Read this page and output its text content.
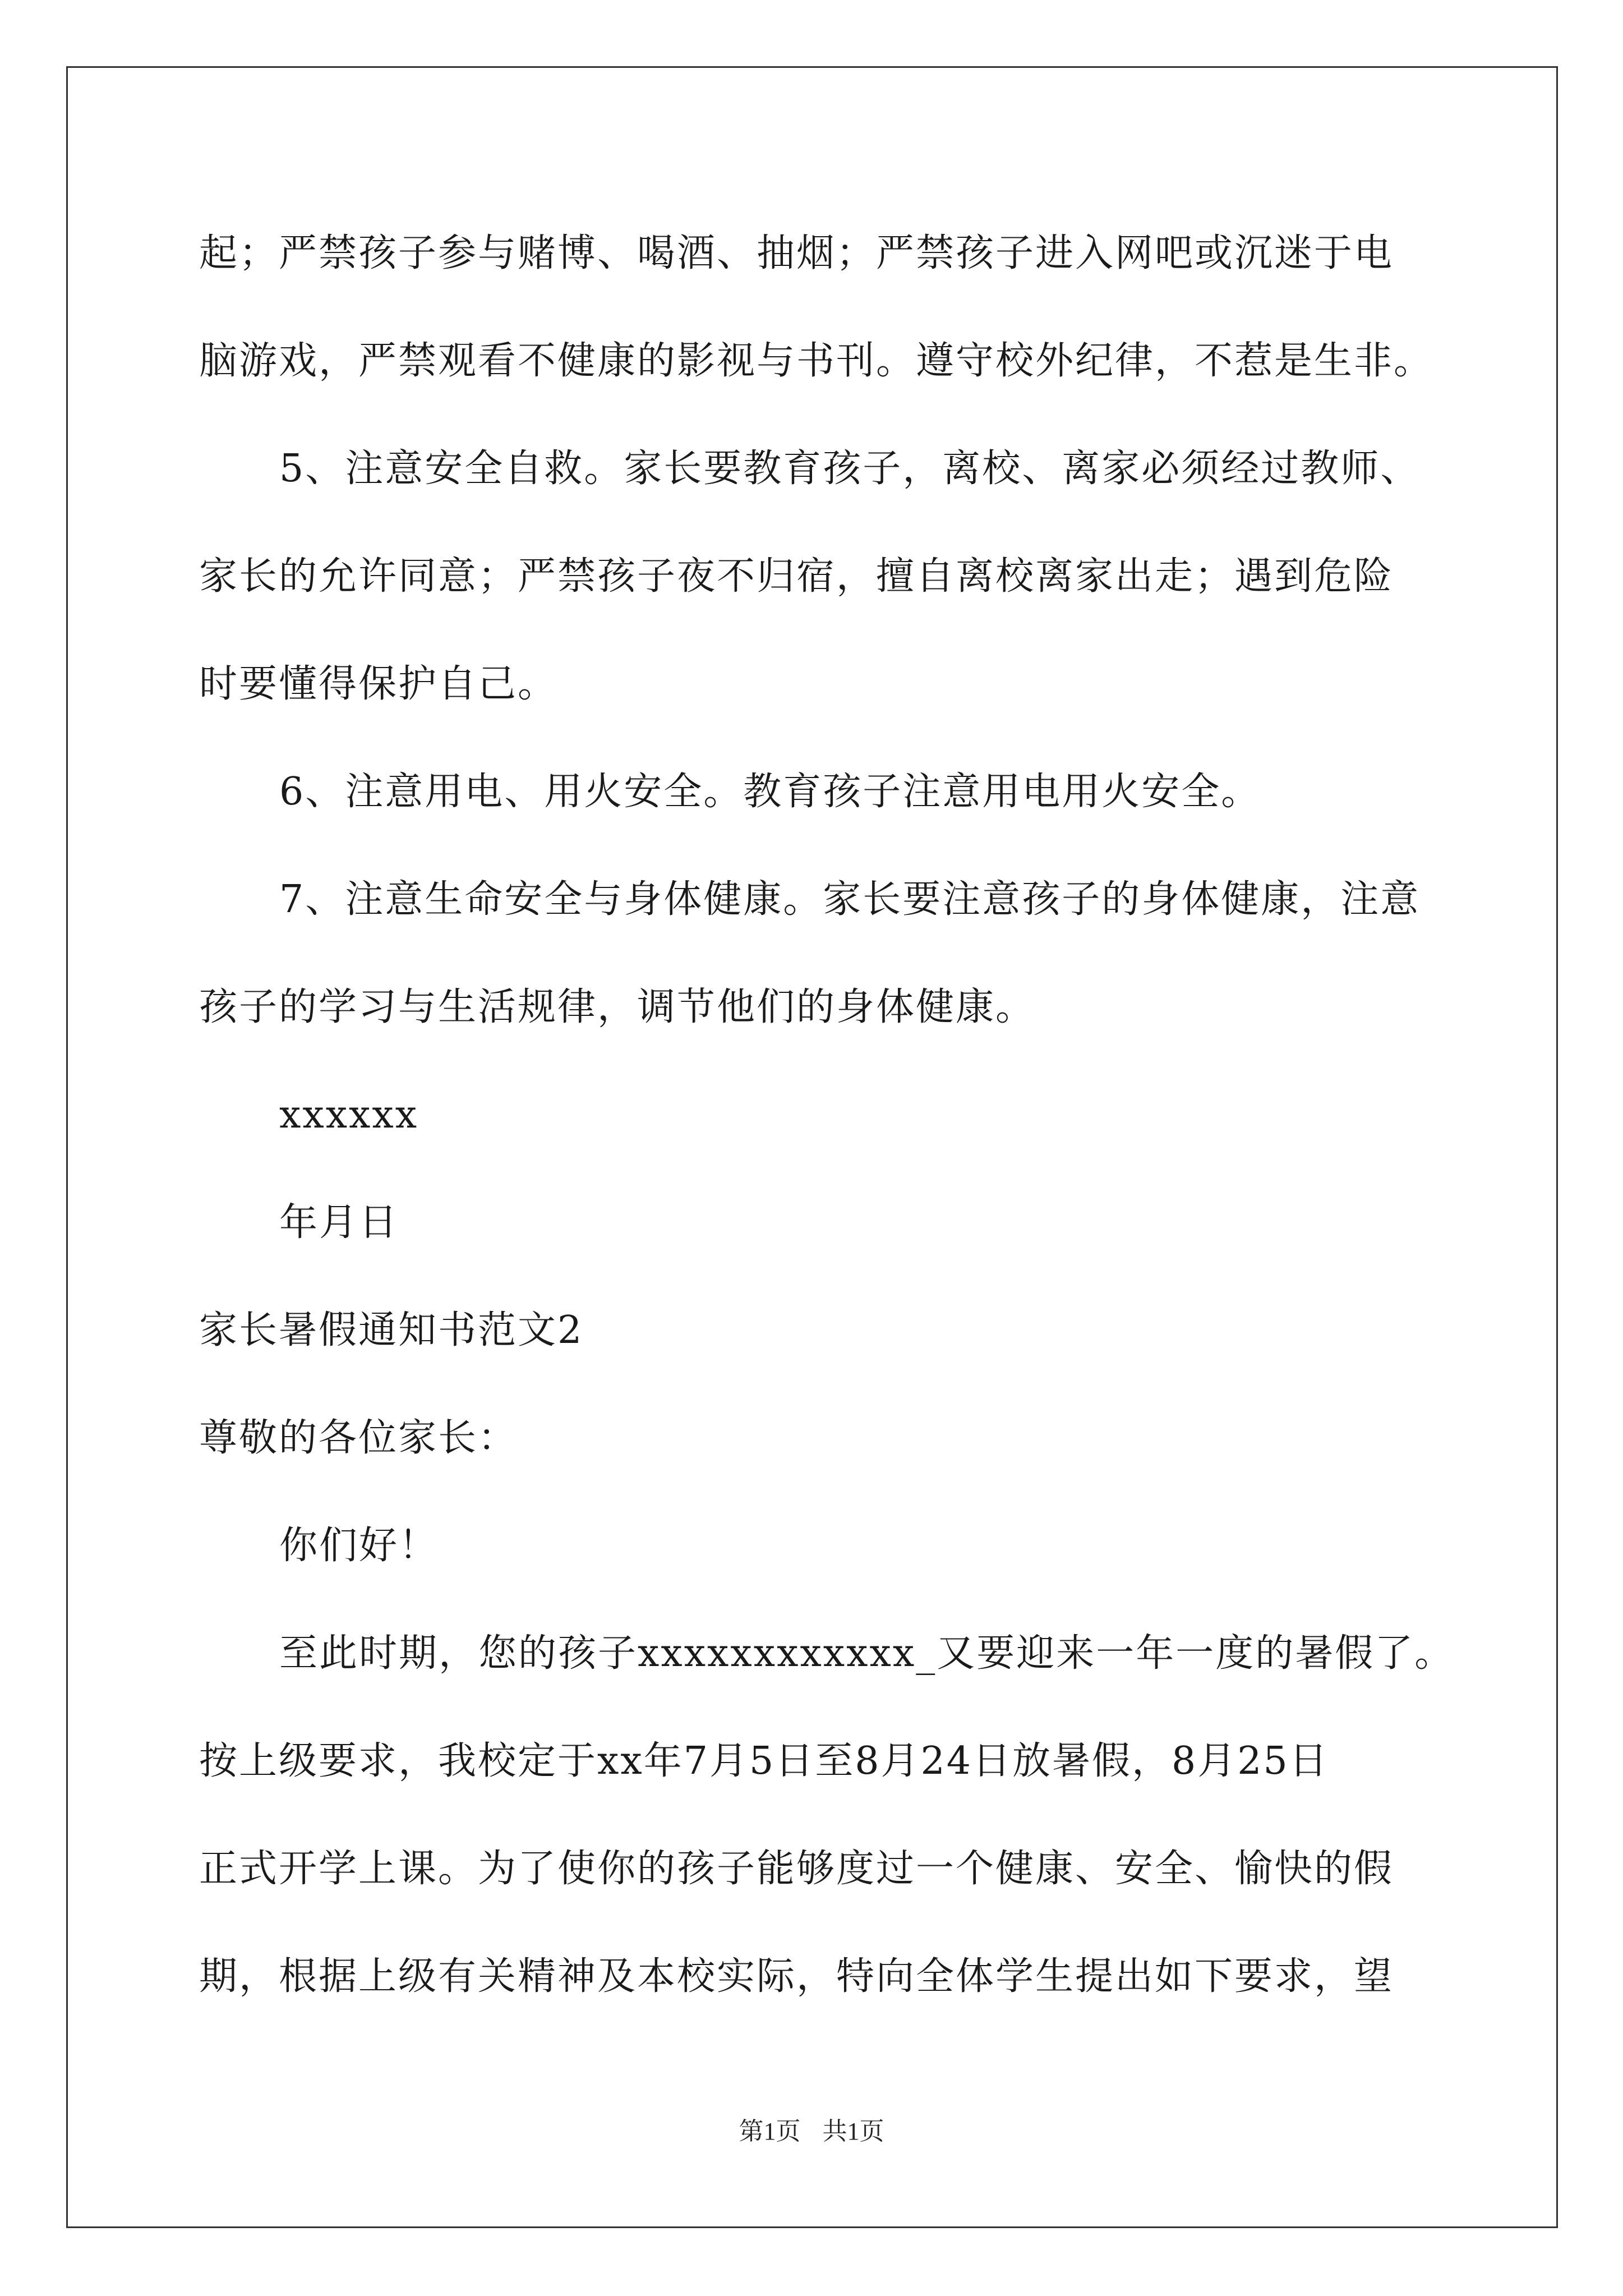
起；严禁孩子参与赌博、喝酒、抽烟；严禁孩子进入网吧或沉迷于电
脑游戏，严禁观看不健康的影视与书刊。遵守校外纪律，不惹是生非。
5、注意安全自救。家长要教育孩子，离校、离家必须经过教师、
家长的允许同意；严禁孩子夜不归宿，擅自离校离家出走；遇到危险
时要懂得保护自己。
6、注意用电、用火安全。教育孩子注意用电用火安全。
7、注意生命安全与身体健康。家长要注意孩子的身体健康，注意
孩子的学习与生活规律，调节他们的身体健康。
xxxxxx
年月日
家长暑假通知书范文2
尊敬的各位家长：
你们好！
至此时期，您的孩子xxxxxxxxxxxx_又要迎来一年一度的暑假了。
按上级要求，我校定于xx年7月5日至8月24日放暑假，8月25日
正式开学上课。为了使你的孩子能够度过一个健康、安全、愉快的假
期，根据上级有关精神及本校实际，特向全体学生提出如下要求，望
第1页 共1页
